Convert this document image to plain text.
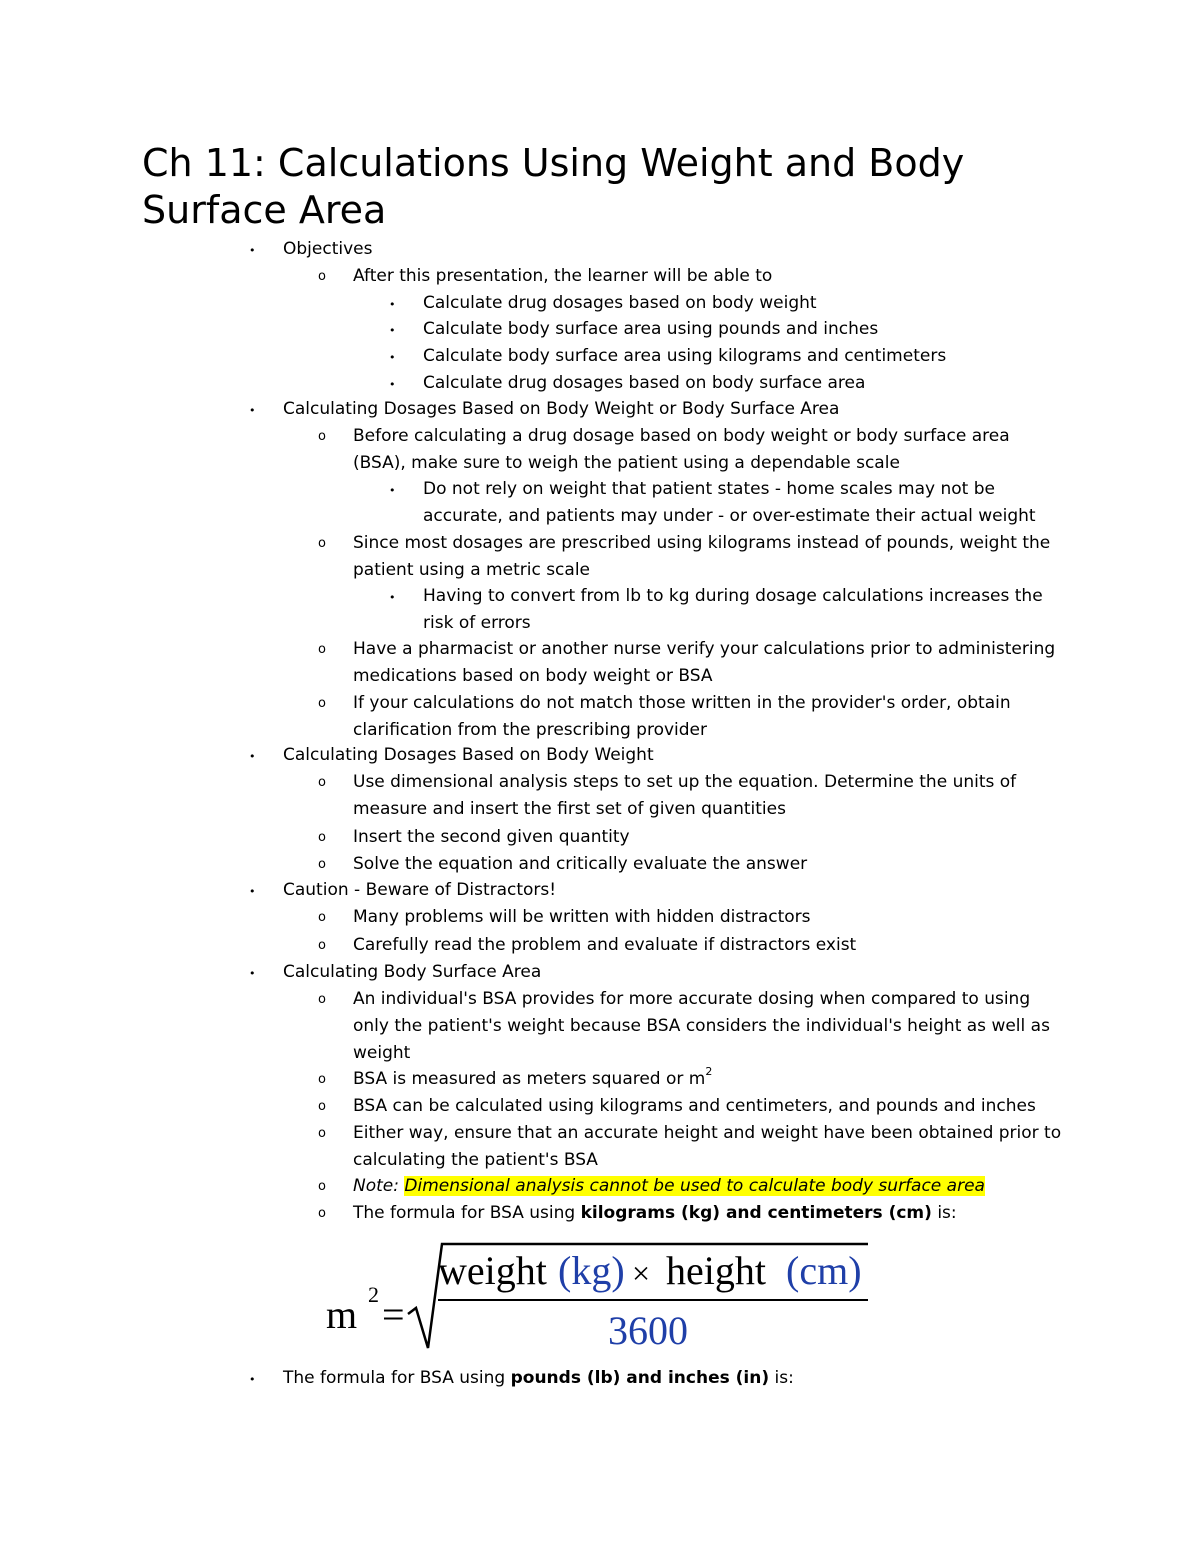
Ch 11: Calculations Using Weight and Body Surface Area
• Objectives
o After this presentation, the learner will be able to
• Calculate drug dosages based on body weight
• Calculate body surface area using pounds and inches
• Calculate body surface area using kilograms and centimeters
• Calculate drug dosages based on body surface area
• Calculating Dosages Based on Body Weight or Body Surface Area
o Before calculating a drug dosage based on body weight or body surface area (BSA), make sure to weigh the patient using a dependable scale
• Do not rely on weight that patient states - home scales may not be accurate, and patients may under - or over-estimate their actual weight
o Since most dosages are prescribed using kilograms instead of pounds, weight the patient using a metric scale
• Having to convert from lb to kg during dosage calculations increases the risk of errors
o Have a pharmacist or another nurse verify your calculations prior to administering medications based on body weight or BSA
o If your calculations do not match those written in the provider's order, obtain clarification from the prescribing provider
• Calculating Dosages Based on Body Weight
o Use dimensional analysis steps to set up the equation. Determine the units of measure and insert the first set of given quantities
o Insert the second given quantity
o Solve the equation and critically evaluate the answer
• Caution - Beware of Distractors!
o Many problems will be written with hidden distractors
o Carefully read the problem and evaluate if distractors exist
• Calculating Body Surface Area
o An individual's BSA provides for more accurate dosing when compared to using only the patient's weight because BSA considers the individual's height as well as weight
o BSA is measured as meters squared or $m^2$
o BSA can be calculated using kilograms and centimeters, and pounds and inches
o Either way, ensure that an accurate height and weight have been obtained prior to calculating the patient's BSA
o Note: Dimensional analysis cannot be used to calculate body surface area
o The formula for BSA using kilograms (kg) and centimeters (cm) is:
• The formula for BSA using pounds (lb) and inches (in) is:
m 2 =
weight (kg) × height (cm)
3600
